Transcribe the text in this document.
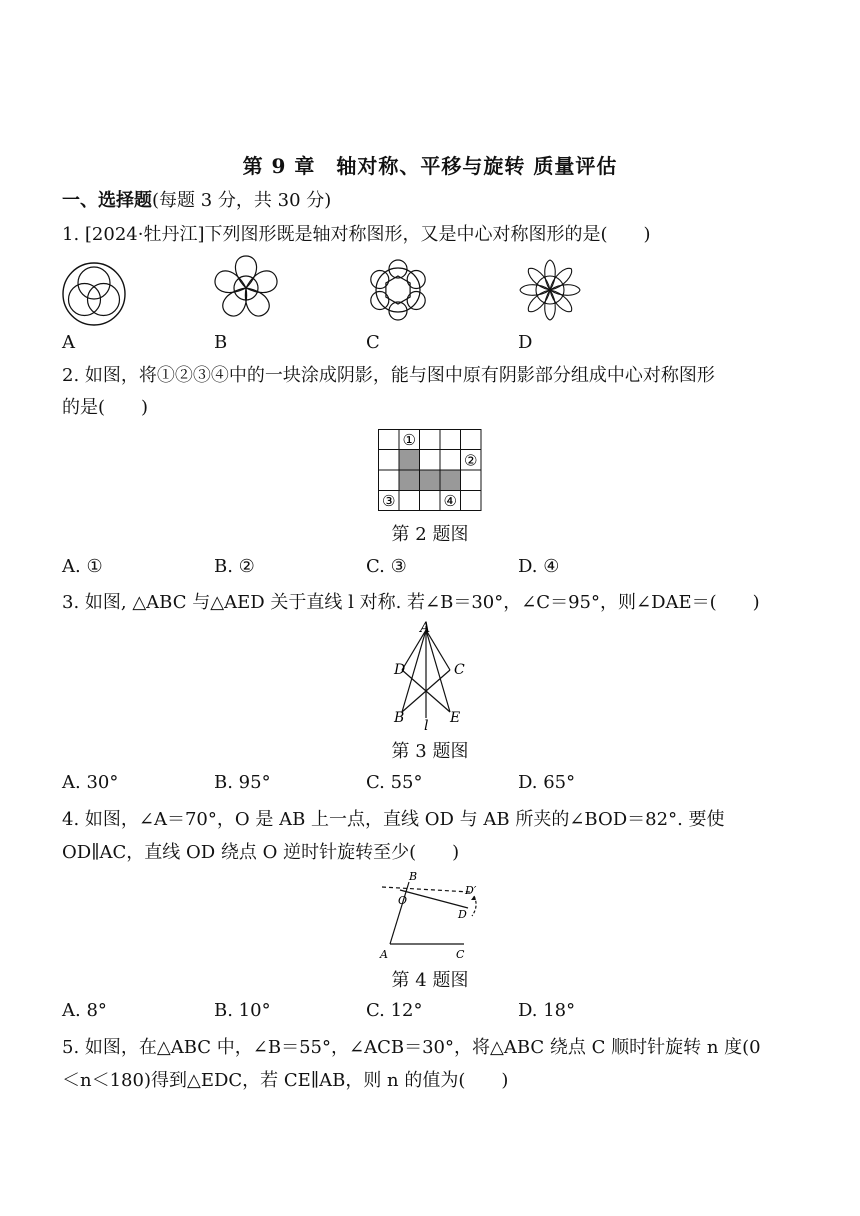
第 9 章　轴对称、平移与旋转 质量评估
一、选择题(每题 3 分，共 30 分)
1. [2024·牡丹江]下列图形既是轴对称图形，又是中心对称图形的是(　　)
A	B	C	D
2. 如图，将①②③④中的一块涂成阴影，能与图中原有阴影部分组成中心对称图形
的是(　　)
①
②
③	④
第 2 题图
A. ①	B. ②	C. ③	D. ④
3. 如图, △ABC 与△AED 关于直线 l 对称. 若∠B＝30°，∠C＝95°，则∠DAE＝(　　)
A
D	C
B	E
l
第 3 题图
A. 30°	B. 95°	C. 55°	D. 65°
4. 如图，∠A＝70°，O 是 AB 上一点，直线 OD 与 AB 所夹的∠BOD＝82°. 要使
OD∥AC，直线 OD 绕点 O 逆时针旋转至少(　　)
B
O
D′
D
A	C
第 4 题图
A. 8°	B. 10°	C. 12°	D. 18°
5. 如图，在△ABC 中，∠B＝55°，∠ACB＝30°，将△ABC 绕点 C 顺时针旋转 n 度(0
＜n＜180)得到△EDC，若 CE∥AB，则 n 的值为(　　)
